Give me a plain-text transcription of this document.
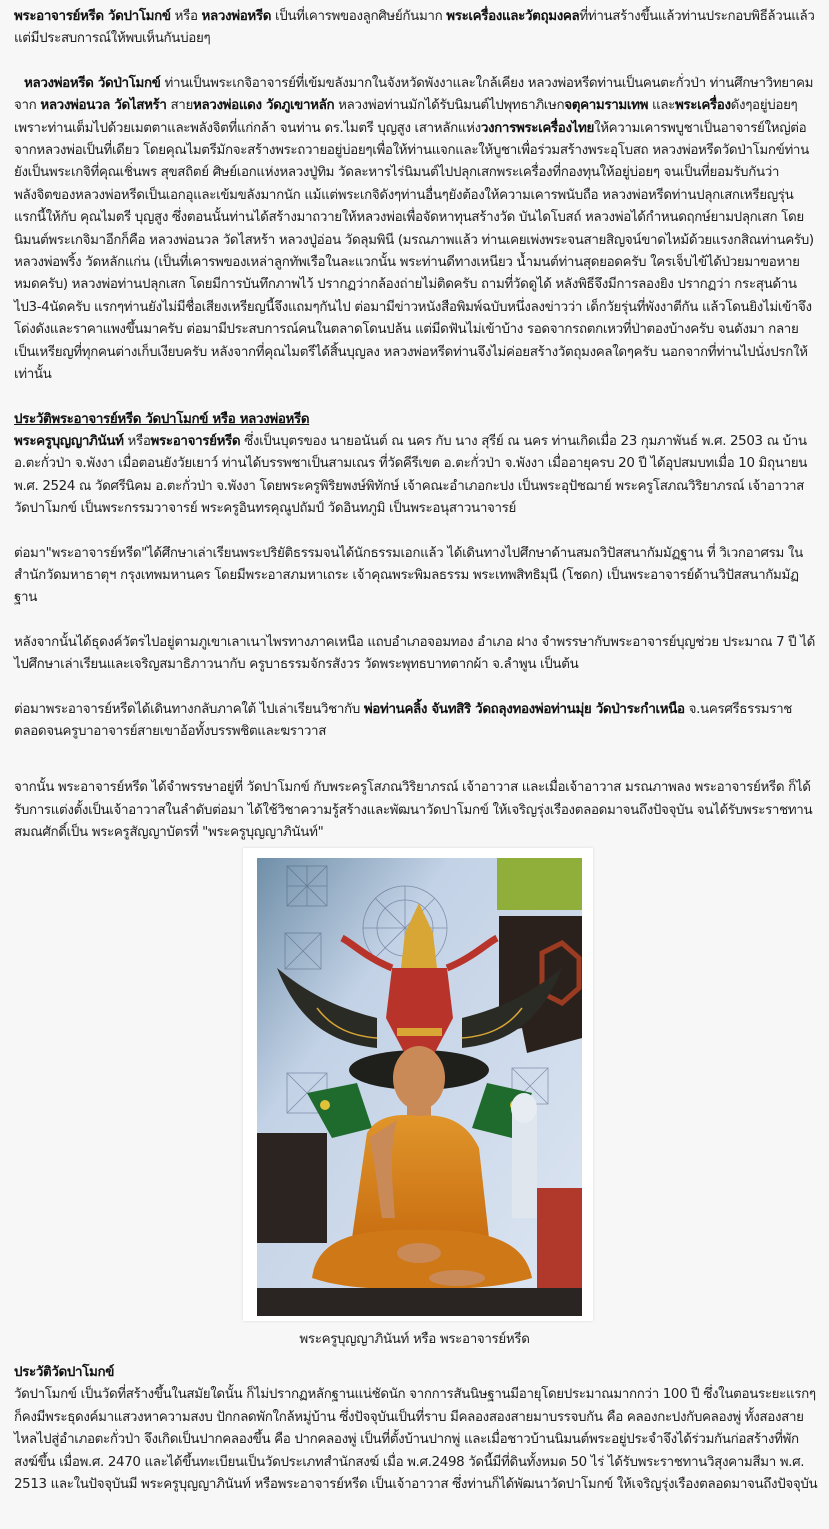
พระอาจารย์หรีด วัดปาโมกข์ หรือ หลวงพ่อหรีด เป็นที่เคารพของลูกศิษย์กันมาก พระเครื่องและวัตถุมงคลที่ท่านสร้างขึ้นแล้วท่านประกอบพิธีล้วนแล้วแต่มีประสบการณ์ให้พบเห็นกันบ่อยๆ

หลวงพ่อหรีด วัดป่าโมกข์ ท่านเป็นพระเกจิอาจารย์ที่เข้มขลังมากในจังหวัดพังงาและใกล้เคียง หลวงพ่อหรีดท่านเป็นคนตะกั่วป่า ท่านศึกษาวิทยาคมจาก หลวงพ่อนวล วัดไสหร้า สายหลวงพ่อแดง วัดภูเขาหลัก หลวงพ่อท่านมักได้รับนิมนต์ไปพุทธาภิเษกจตุคามรามเทพ และพระเครื่องดังๆอยู่บ่อยๆ เพราะท่านเต็มไปด้วยเมตตาและพลังจิตที่แก่กล้า จนท่าน ดร.ไมตรี บุญสูง เสาหลักแห่งวงการพระเครื่องไทยให้ความเคารพบูชาเป็นอาจารย์ใหญ่ต่อจากหลวงพ่อเป็นที่เดียว โดยคุณไมตรีมักจะสร้างพระถวายอยู่บ่อยๆเพื่อให้ท่านแจกและให้บูชาเพื่อร่วมสร้างพระอุโบสถ หลวงพ่อหรีดวัดป่าโมกข์ท่านยังเป็นพระเกจิที่คุณเชิ่นพร สุขสถิตย์ ศิษย์เอกแห่งหลวงปู่ทิม วัดละหารไร่นิมนต์ไปปลุกเสกพระเครื่องที่กองทุนให้อยู่บ่อยๆ จนเป็นที่ยอมรับกันว่าพลังจิตของหลวงพ่อหรีดเป็นเอกอุและเข้มขลังมากนัก แม้แต่พระเกจิดังๆท่านอื่นๆยังต้องให้ความเคารพนับถือ หลวงพ่อหรีดท่านปลุกเสกเหรียญรุ่นแรกนี้ให้กับ คุณไมตรี บุญสูง ซึ่งตอนนั้นท่านได้สร้างมาถวายให้หลวงพ่อเพื่อจัดหาทุนสร้างวัด บันไดโบสถ์ หลวงพ่อได้กำหนดฤกษ์ยามปลุกเสก โดยนิมนต์พระเกจิมาอีกก็คือ หลวงพ่อนวล วัดไสหร้า หลวงปู่อ่อน วัดลุมพินี (มรณภาพแล้ว ท่านเคยเพ่งพระจนสายสิญจน์ขาดไหม้ด้วยแรงกสิณท่านครับ) หลวงพ่อพริ้ง วัดหลักแก่น (เป็นที่เคารพของเหล่าลูกทัพเรือในละแวกนั้น พระท่านดีทางเหนียว น้ำมนต์ท่านสุดยอดครับ ใครเจ็บไข้ได้ป่วยมาขอหายหมดครับ) หลวงพ่อท่านปลุกเสก โดยมีการบันทึกภาพไว้ ปรากฏว่ากล้องถ่ายไม่ติดครับ ถามที่วัดดูได้ หลังพิธีจึงมีการลองยิง ปรากฏว่า กระสุนด้านไป3-4นัดครับ แรกๆท่านยังไม่มีชื่อเสียงเหรียญนี้จึงแถมๆกันไป ต่อมามีข่าวหนังสือพิมพ์ฉบับหนึ่งลงข่าวว่า เด็กวัยรุ่นที่พังงาตีกัน แล้วโดนยิงไม่เข้าจึงโด่งดังและราคาแพงขึ้นมาครับ ต่อมามีประสบการณ์คนในตลาดโดนปล้น แต่มีดฟันไม่เข้าบ้าง รอดจากรถตกเหวที่ป่าตองบ้างครับ จนดังมา กลายเป็นเหรียญที่ทุกคนต่างเก็บเงียบครับ หลังจากที่คุณไมตรีได้สิ้นบุญลง หลวงพ่อหรีดท่านจึงไม่ค่อยสร้างวัตถุมงคลใดๆครับ นอกจากที่ท่านไปนั่งปรกให้เท่านั้น

ประวัติพระอาจารย์หรีด วัดปาโมกข์ หรือ หลวงพ่อหรีด

พระครูบุญญาภินันท์ หรือพระอาจารย์หรีด ซึ่งเป็นบุตรของ นายอนันต์ ณ นคร กับ นาง สุรีย์ ณ นคร ท่านเกิดเมื่อ 23 กุมภาพันธ์ พ.ศ. 2503 ณ บ้าน อ.ตะกั่วป่า จ.พังงา เมื่อตอนยังวัยเยาว์ ท่านได้บรรพชาเป็นสามเณร ที่วัดคีรีเขต อ.ตะกั่วป่า จ.พังงา เมื่ออายุครบ 20 ปี ได้อุปสมบทเมื่อ 10 มิถุนายน พ.ศ. 2524 ณ วัดศรีนิคม อ.ตะกั่วป่า จ.พังงา โดยพระครูพิริยพงษ์พิทักษ์ เจ้าคณะอำเภอกะปง เป็นพระอุปัชฌาย์ พระครูโสภณวิริยาภรณ์ เจ้าอาวาสวัดปาโมกข์ เป็นพระกรรมวาจารย์ พระครูอินทรคุณูปถัมป์ วัดอินทภูมิ เป็นพระอนุสาวนาจารย์

ต่อมา"พระอาจารย์หรีด"ได้ศึกษาเล่าเรียนพระปริยัติธรรมจนได้นักธรรมเอกแล้ว ได้เดินทางไปศึกษาด้านสมถวิปัสสนากัมมัฏฐาน ที่ วิเวกอาศรม ในสำนักวัดมหาธาตุฯ กรุงเทพมหานคร โดยมีพระอาสภมหาเถระ เจ้าคุณพระพิมลธรรม พระเทพสิทธิมุนี (โชดก) เป็นพระอาจารย์ด้านวิปัสสนากัมมัฏฐาน

หลังจากนั้นได้ธุดงค์วัตรไปอยู่ตามภูเขาเลาเนาไพรทางภาคเหนือ แถบอำเภอจอมทอง อำเภอ ฝาง จำพรรษากับพระอาจารย์บุญช่วย ประมาณ 7 ปี ได้ไปศึกษาเล่าเรียนและเจริญสมาธิภาวนากับ ครูบาธรรมจักรสังวร วัดพระพุทธบาทตากผ้า จ.ลำพูน เป็นต้น

ต่อมาพระอาจารย์หรีดได้เดินทางกลับภาคใต้ ไปเล่าเรียนวิชากับ พ่อท่านคลิ้ง จันทสิริ วัดถลุงทองพ่อท่านมุ่ย วัดป่าระกำเหนือ จ.นครศรีธรรมราช ตลอดจนครูบาอาจารย์สายเขาอ้อทั้งบรรพชิตและฆราวาส

จากนั้น พระอาจารย์หรีด ได้จำพรรษาอยู่ที่ วัดปาโมกข์ กับพระครูโสภณวิริยาภรณ์ เจ้าอาวาส และเมื่อเจ้าอาวาส มรณภาพลง พระอาจารย์หรีด ก็ได้รับการแต่งตั้งเป็นเจ้าอาวาสในลำดับต่อมา ได้ใช้วิชาความรู้สร้างและพัฒนาวัดปาโมกข์ ให้เจริญรุ่งเรืองตลอดมาจนถึงปัจจุบัน จนได้รับพระราชทานสมณศักดิ์เป็น พระครูสัญญาบัตรที่ "พระครูบุญญาภินันท์"

พระครูบุญญาภินันท์ หรือ พระอาจารย์หรีด

ประวัติวัดปาโมกข์

วัดปาโมกข์ เป็นวัดที่สร้างขึ้นในสมัยใดนั้น ก็ไม่ปรากฏหลักฐานแน่ชัดนัก จากการสันนิษฐานมีอายุโดยประมาณมากกว่า 100 ปี ซึ่งในตอนระยะแรกๆ ก็คงมีพระธุดงค์มาแสวงหาความสงบ ปักกลดพักใกล้หมู่บ้าน ซึ่งปัจจุบันเป็นที่ราบ มีคลองสองสายมาบรรจบกัน คือ คลองกะปงกับคลองพู่ ทั้งสองสายไหลไปสู่อำเภอตะกั่วป่า จึงเกิดเป็นปากคลองขึ้น คือ ปากคลองพู่ เป็นที่ตั้งบ้านปากพู่ และเมื่อชาวบ้านนิมนต์พระอยู่ประจำจึงได้ร่วมกันก่อสร้างที่พักสงฆ์ขึ้น เมื่อพ.ศ. 2470 และได้ขึ้นทะเบียนเป็นวัดประเภทสำนักสงฆ์ เมื่อ พ.ศ.2498 วัดนี้มีที่ดินทั้งหมด 50 ไร่ ได้รับพระราชทานวิสุงคามสีมา พ.ศ. 2513 และในปัจจุบันมี พระครูบุญญาภินันท์ หรือพระอาจารย์หรีด เป็นเจ้าอาวาส ซึ่งท่านก็ได้พัฒนาวัดปาโมกข์ ให้เจริญรุ่งเรืองตลอดมาจนถึงปัจจุบัน
